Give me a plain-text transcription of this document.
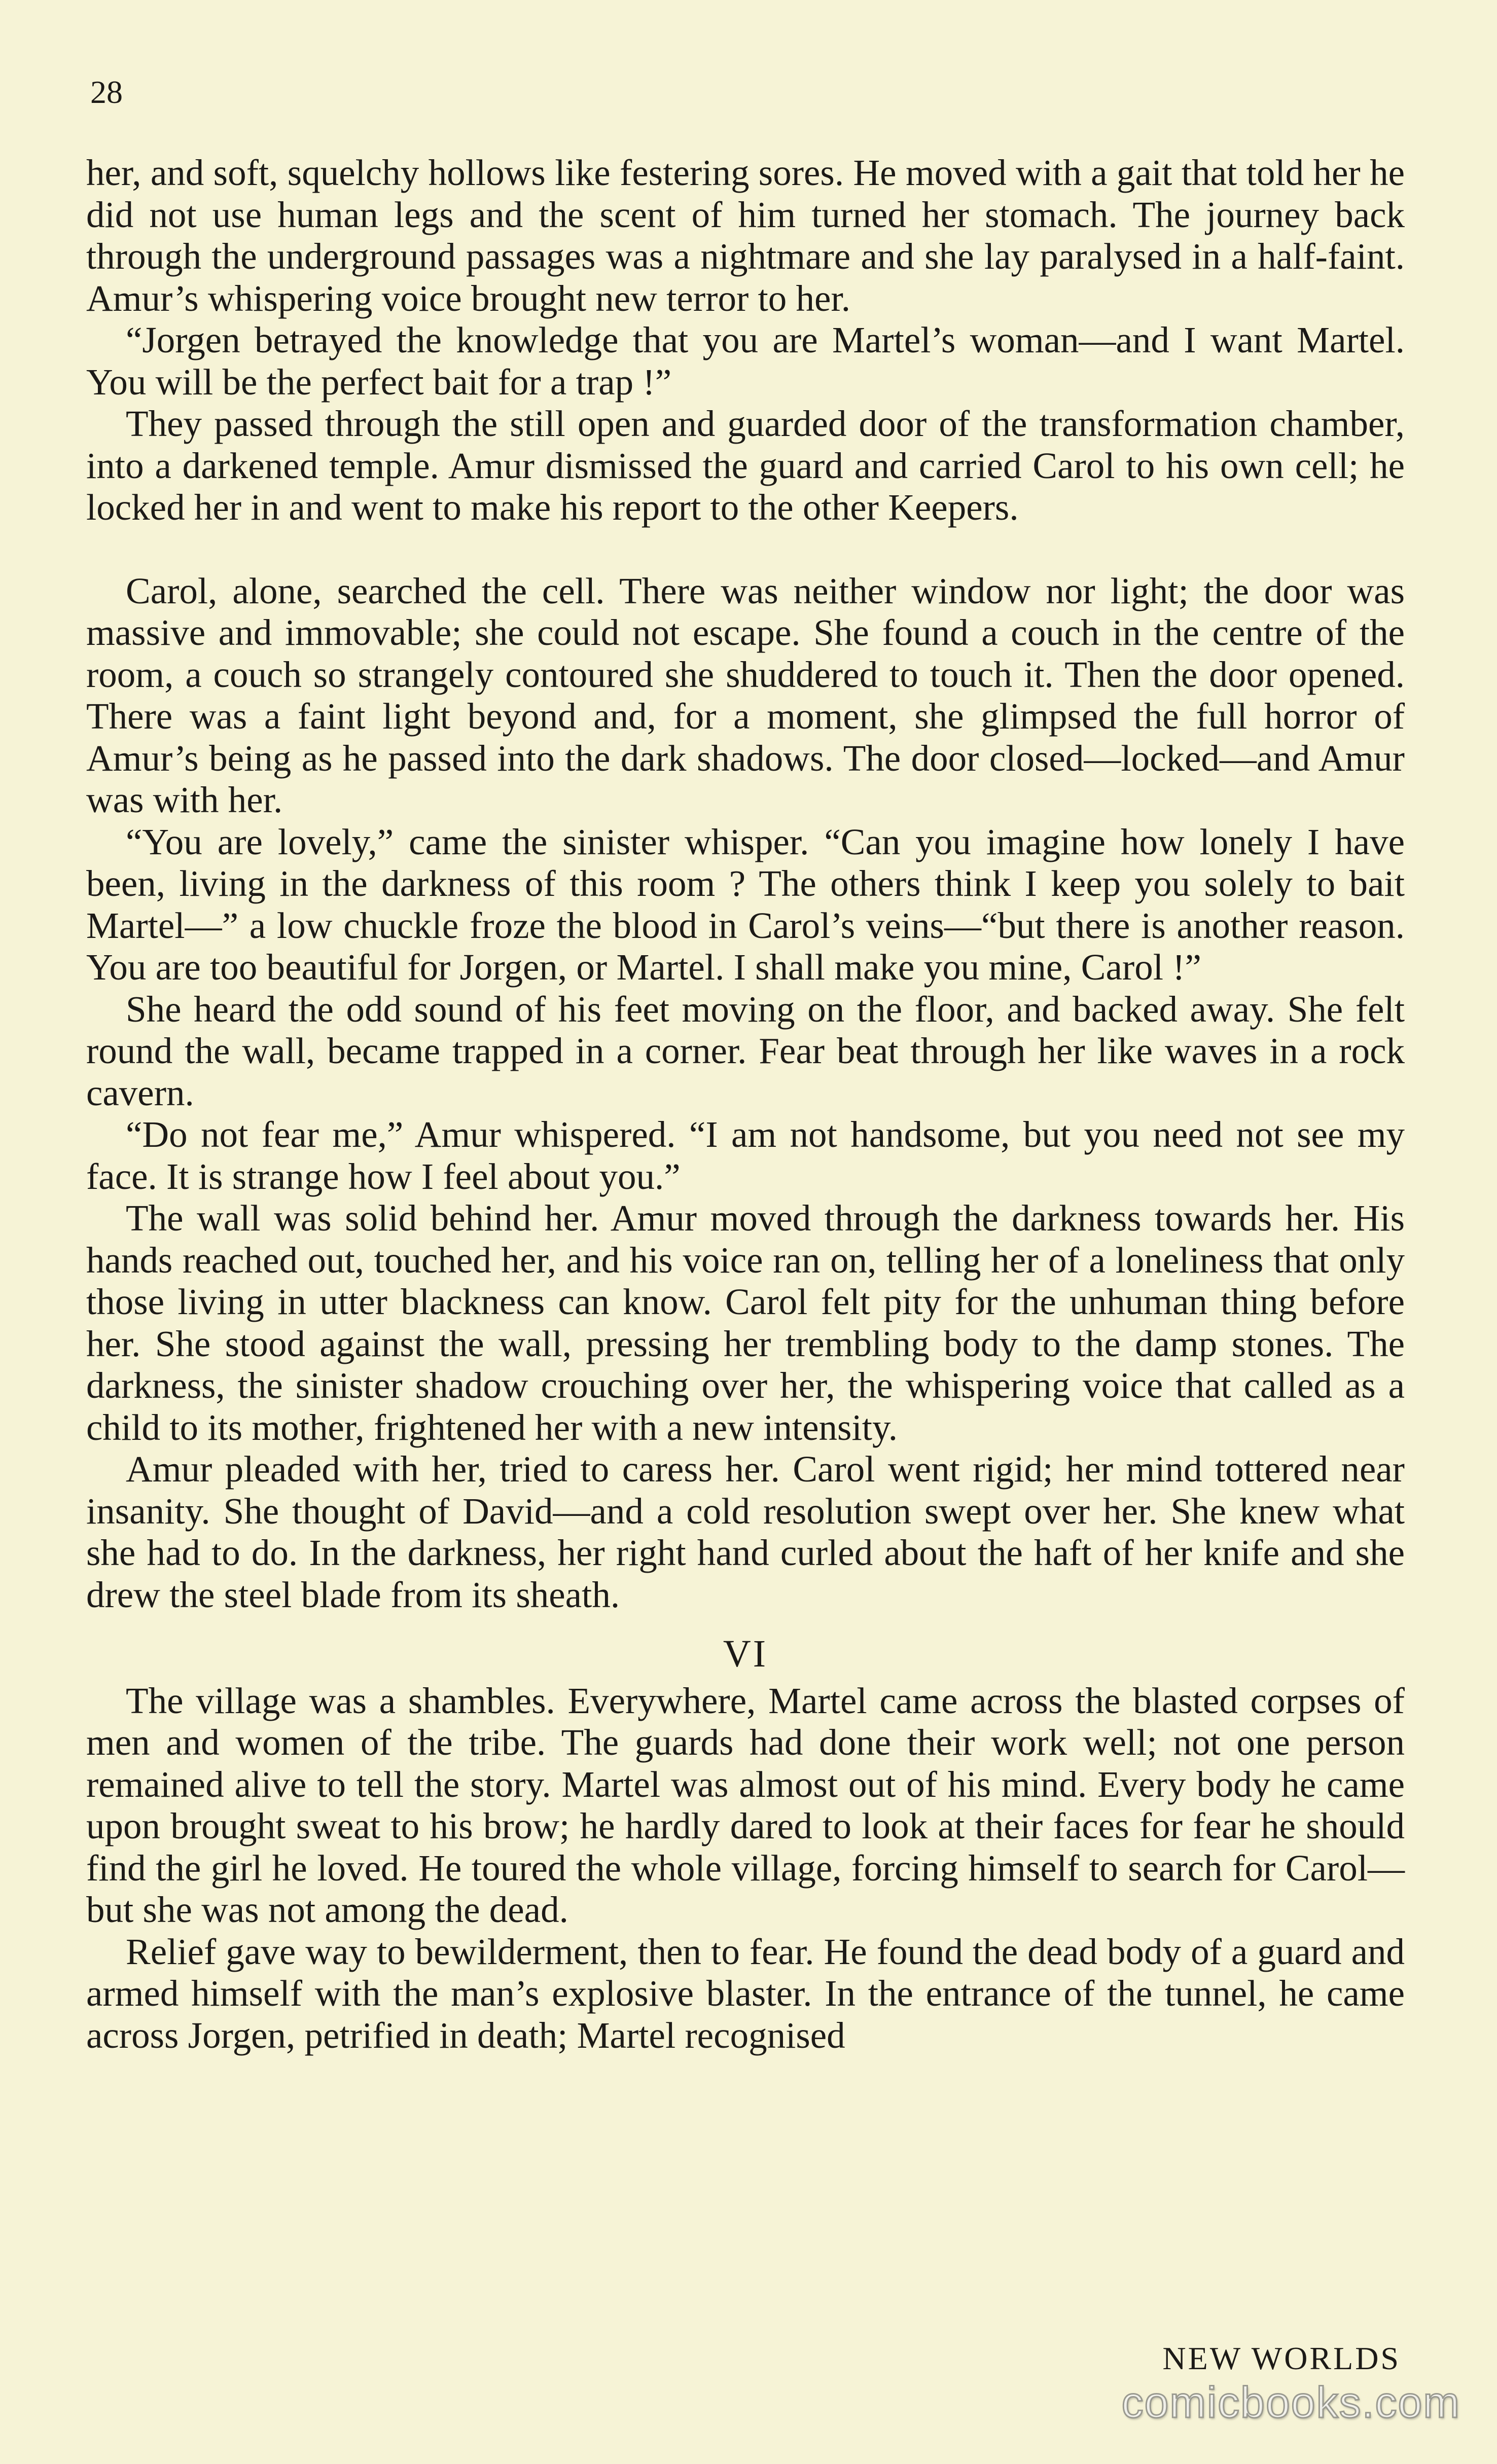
28

her, and soft, squelchy hollows like festering sores. He moved with a gait that told her he did not use human legs and the scent of him turned her stomach. The journey back through the underground passages was a nightmare and she lay paralysed in a half-faint. Amur’s whispering voice brought new terror to her.

“Jorgen betrayed the knowledge that you are Martel’s woman—and I want Martel. You will be the perfect bait for a trap !”

They passed through the still open and guarded door of the transformation chamber, into a darkened temple. Amur dismissed the guard and carried Carol to his own cell; he locked her in and went to make his report to the other Keepers.

Carol, alone, searched the cell. There was neither window nor light; the door was massive and immovable; she could not escape. She found a couch in the centre of the room, a couch so strangely contoured she shuddered to touch it. Then the door opened. There was a faint light beyond and, for a moment, she glimpsed the full horror of Amur’s being as he passed into the dark shadows. The door closed—locked—and Amur was with her.

“You are lovely,” came the sinister whisper. “Can you imagine how lonely I have been, living in the darkness of this room ? The others think I keep you solely to bait Martel—” a low chuckle froze the blood in Carol’s veins—“but there is another reason. You are too beautiful for Jorgen, or Martel. I shall make you mine, Carol !”

She heard the odd sound of his feet moving on the floor, and backed away. She felt round the wall, became trapped in a corner. Fear beat through her like waves in a rock cavern.

“Do not fear me,” Amur whispered. “I am not handsome, but you need not see my face. It is strange how I feel about you.”

The wall was solid behind her. Amur moved through the darkness towards her. His hands reached out, touched her, and his voice ran on, telling her of a loneliness that only those living in utter blackness can know. Carol felt pity for the unhuman thing before her. She stood against the wall, pressing her trembling body to the damp stones. The darkness, the sinister shadow crouching over her, the whispering voice that called as a child to its mother, frightened her with a new intensity.

Amur pleaded with her, tried to caress her. Carol went rigid; her mind tottered near insanity. She thought of David—and a cold resolution swept over her. She knew what she had to do. In the darkness, her right hand curled about the haft of her knife and she drew the steel blade from its sheath.

VI

The village was a shambles. Everywhere, Martel came across the blasted corpses of men and women of the tribe. The guards had done their work well; not one person remained alive to tell the story. Martel was almost out of his mind. Every body he came upon brought sweat to his brow; he hardly dared to look at their faces for fear he should find the girl he loved. He toured the whole village, forcing himself to search for Carol—but she was not among the dead.

Relief gave way to bewilderment, then to fear. He found the dead body of a guard and armed himself with the man’s explosive blaster. In the entrance of the tunnel, he came across Jorgen, petrified in death; Martel recognised

NEW WORLDS
comicbooks.com
